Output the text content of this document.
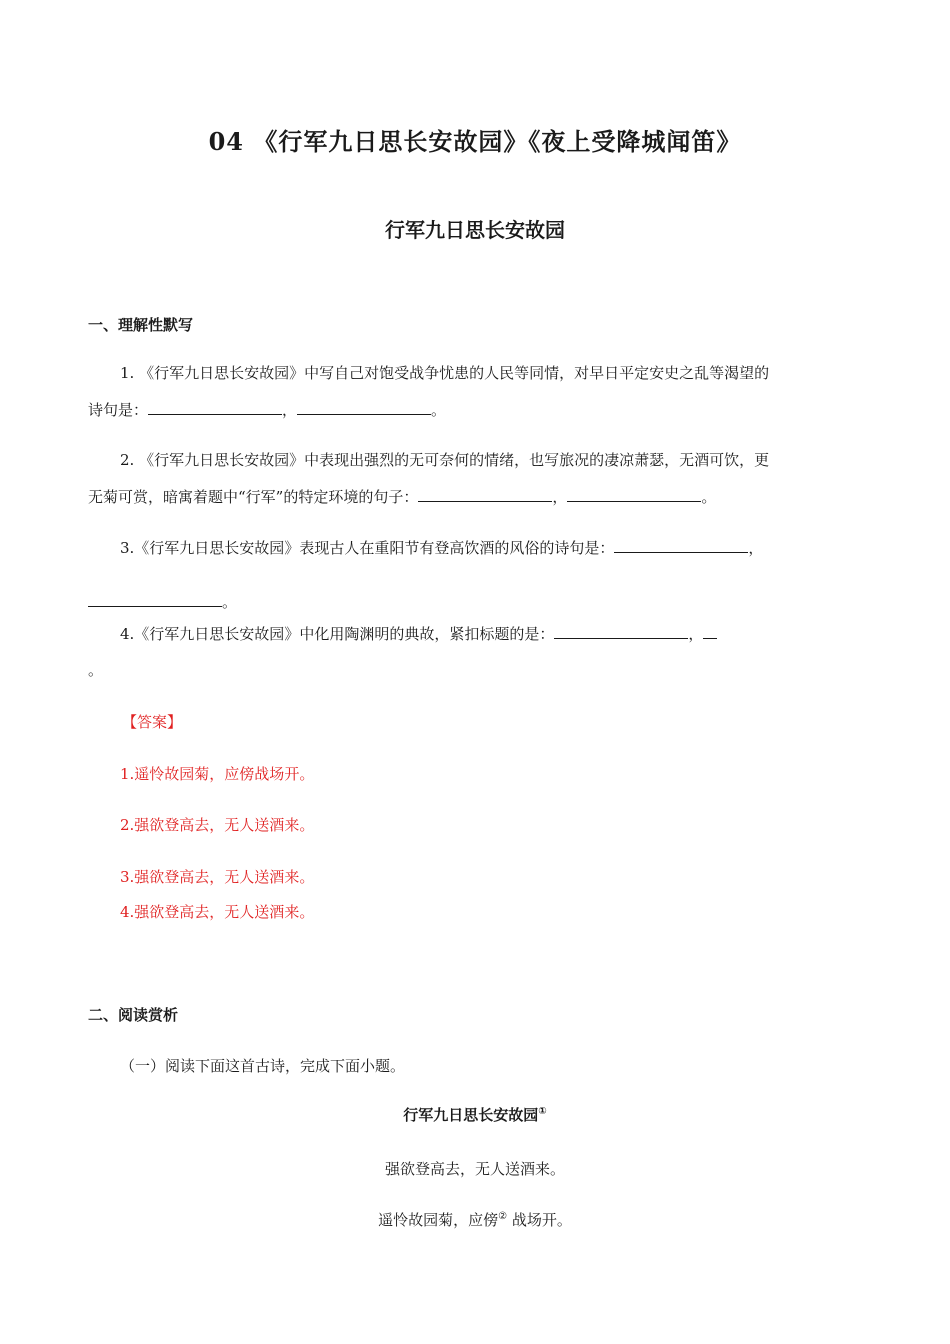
04 《行军九日思长安故园》《夜上受降城闻笛》
行军九日思长安故园
一、理解性默写
1. 《行军九日思长安故园》中写自己对饱受战争忧患的人民等同情，对早日平定安史之乱等渴望的
诗句是：	，	。
2. 《行军九日思长安故园》中表现出强烈的无可奈何的情绪，也写旅况的凄凉萧瑟，无酒可饮，更
无菊可赏，暗寓着题中“行军”的特定环境的句子：	，	。
3.《行军九日思长安故园》表现古人在重阳节有登高饮酒的风俗的诗句是：	，
。
4.《行军九日思长安故园》中化用陶渊明的典故，紧扣标题的是：	，
。
【答案】
1.遥怜故园菊，应傍战场开。
2.强欲登高去，无人送酒来。
3.强欲登高去，无人送酒来。
4.强欲登高去，无人送酒来。
二、阅读赏析
（一）阅读下面这首古诗，完成下面小题。
行军九日思长安故园①
强欲登高去，无人送酒来。
遥怜故园菊，应傍② 战场开。
